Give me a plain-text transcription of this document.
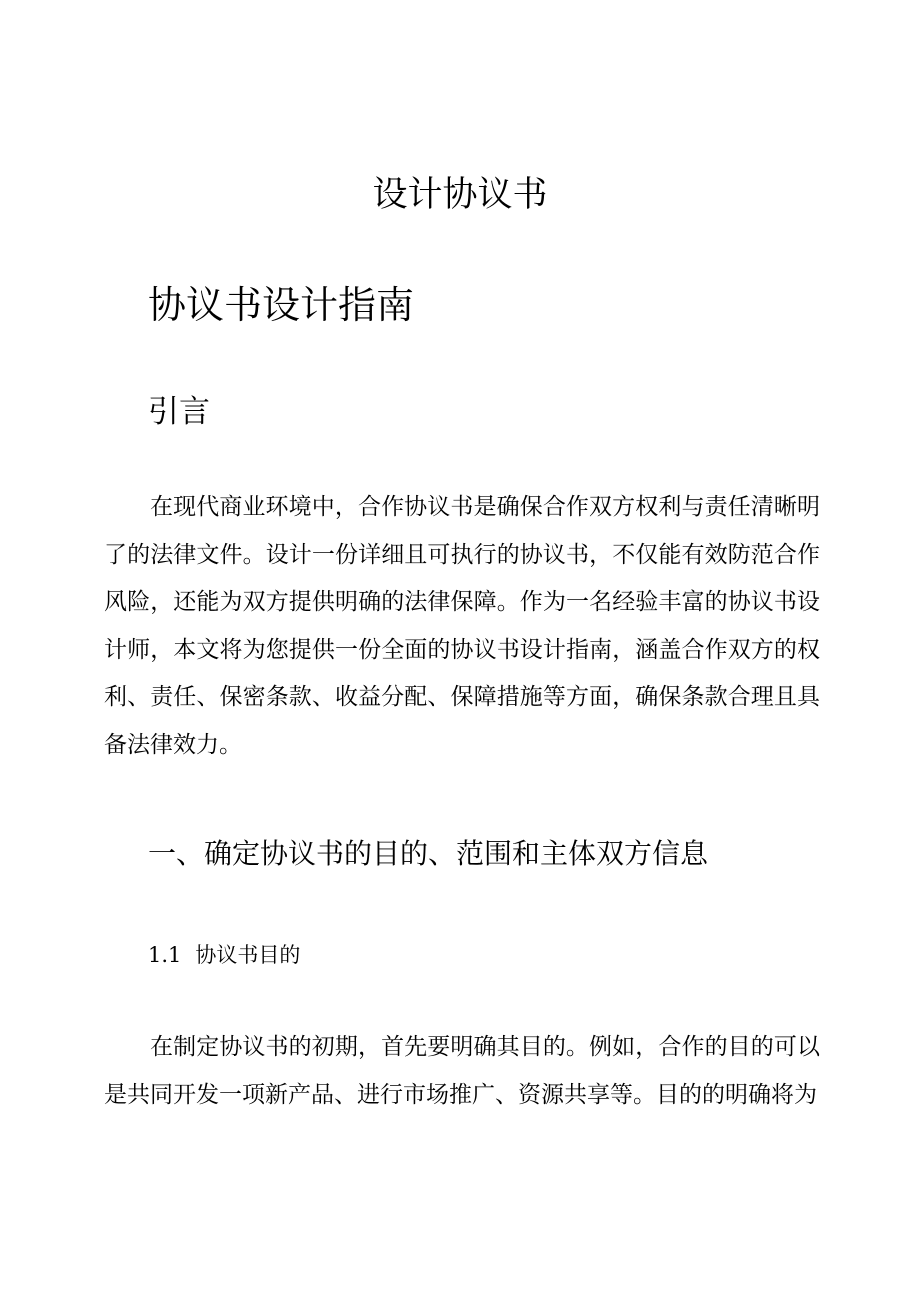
设计协议书
协议书设计指南
引言

在现代商业环境中，合作协议书是确保合作双方权利与责任清晰明了的法律文件。设计一份详细且可执行的协议书，不仅能有效防范合作风险，还能为双方提供明确的法律保障。作为一名经验丰富的协议书设计师，本文将为您提供一份全面的协议书设计指南，涵盖合作双方的权利、责任、保密条款、收益分配、保障措施等方面，确保条款合理且具备法律效力。

一、确定协议书的目的、范围和主体双方信息
1.1 协议书目的

在制定协议书的初期，首先要明确其目的。例如，合作的目的可以是共同开发一项新产品、进行市场推广、资源共享等。目的的明确将为
